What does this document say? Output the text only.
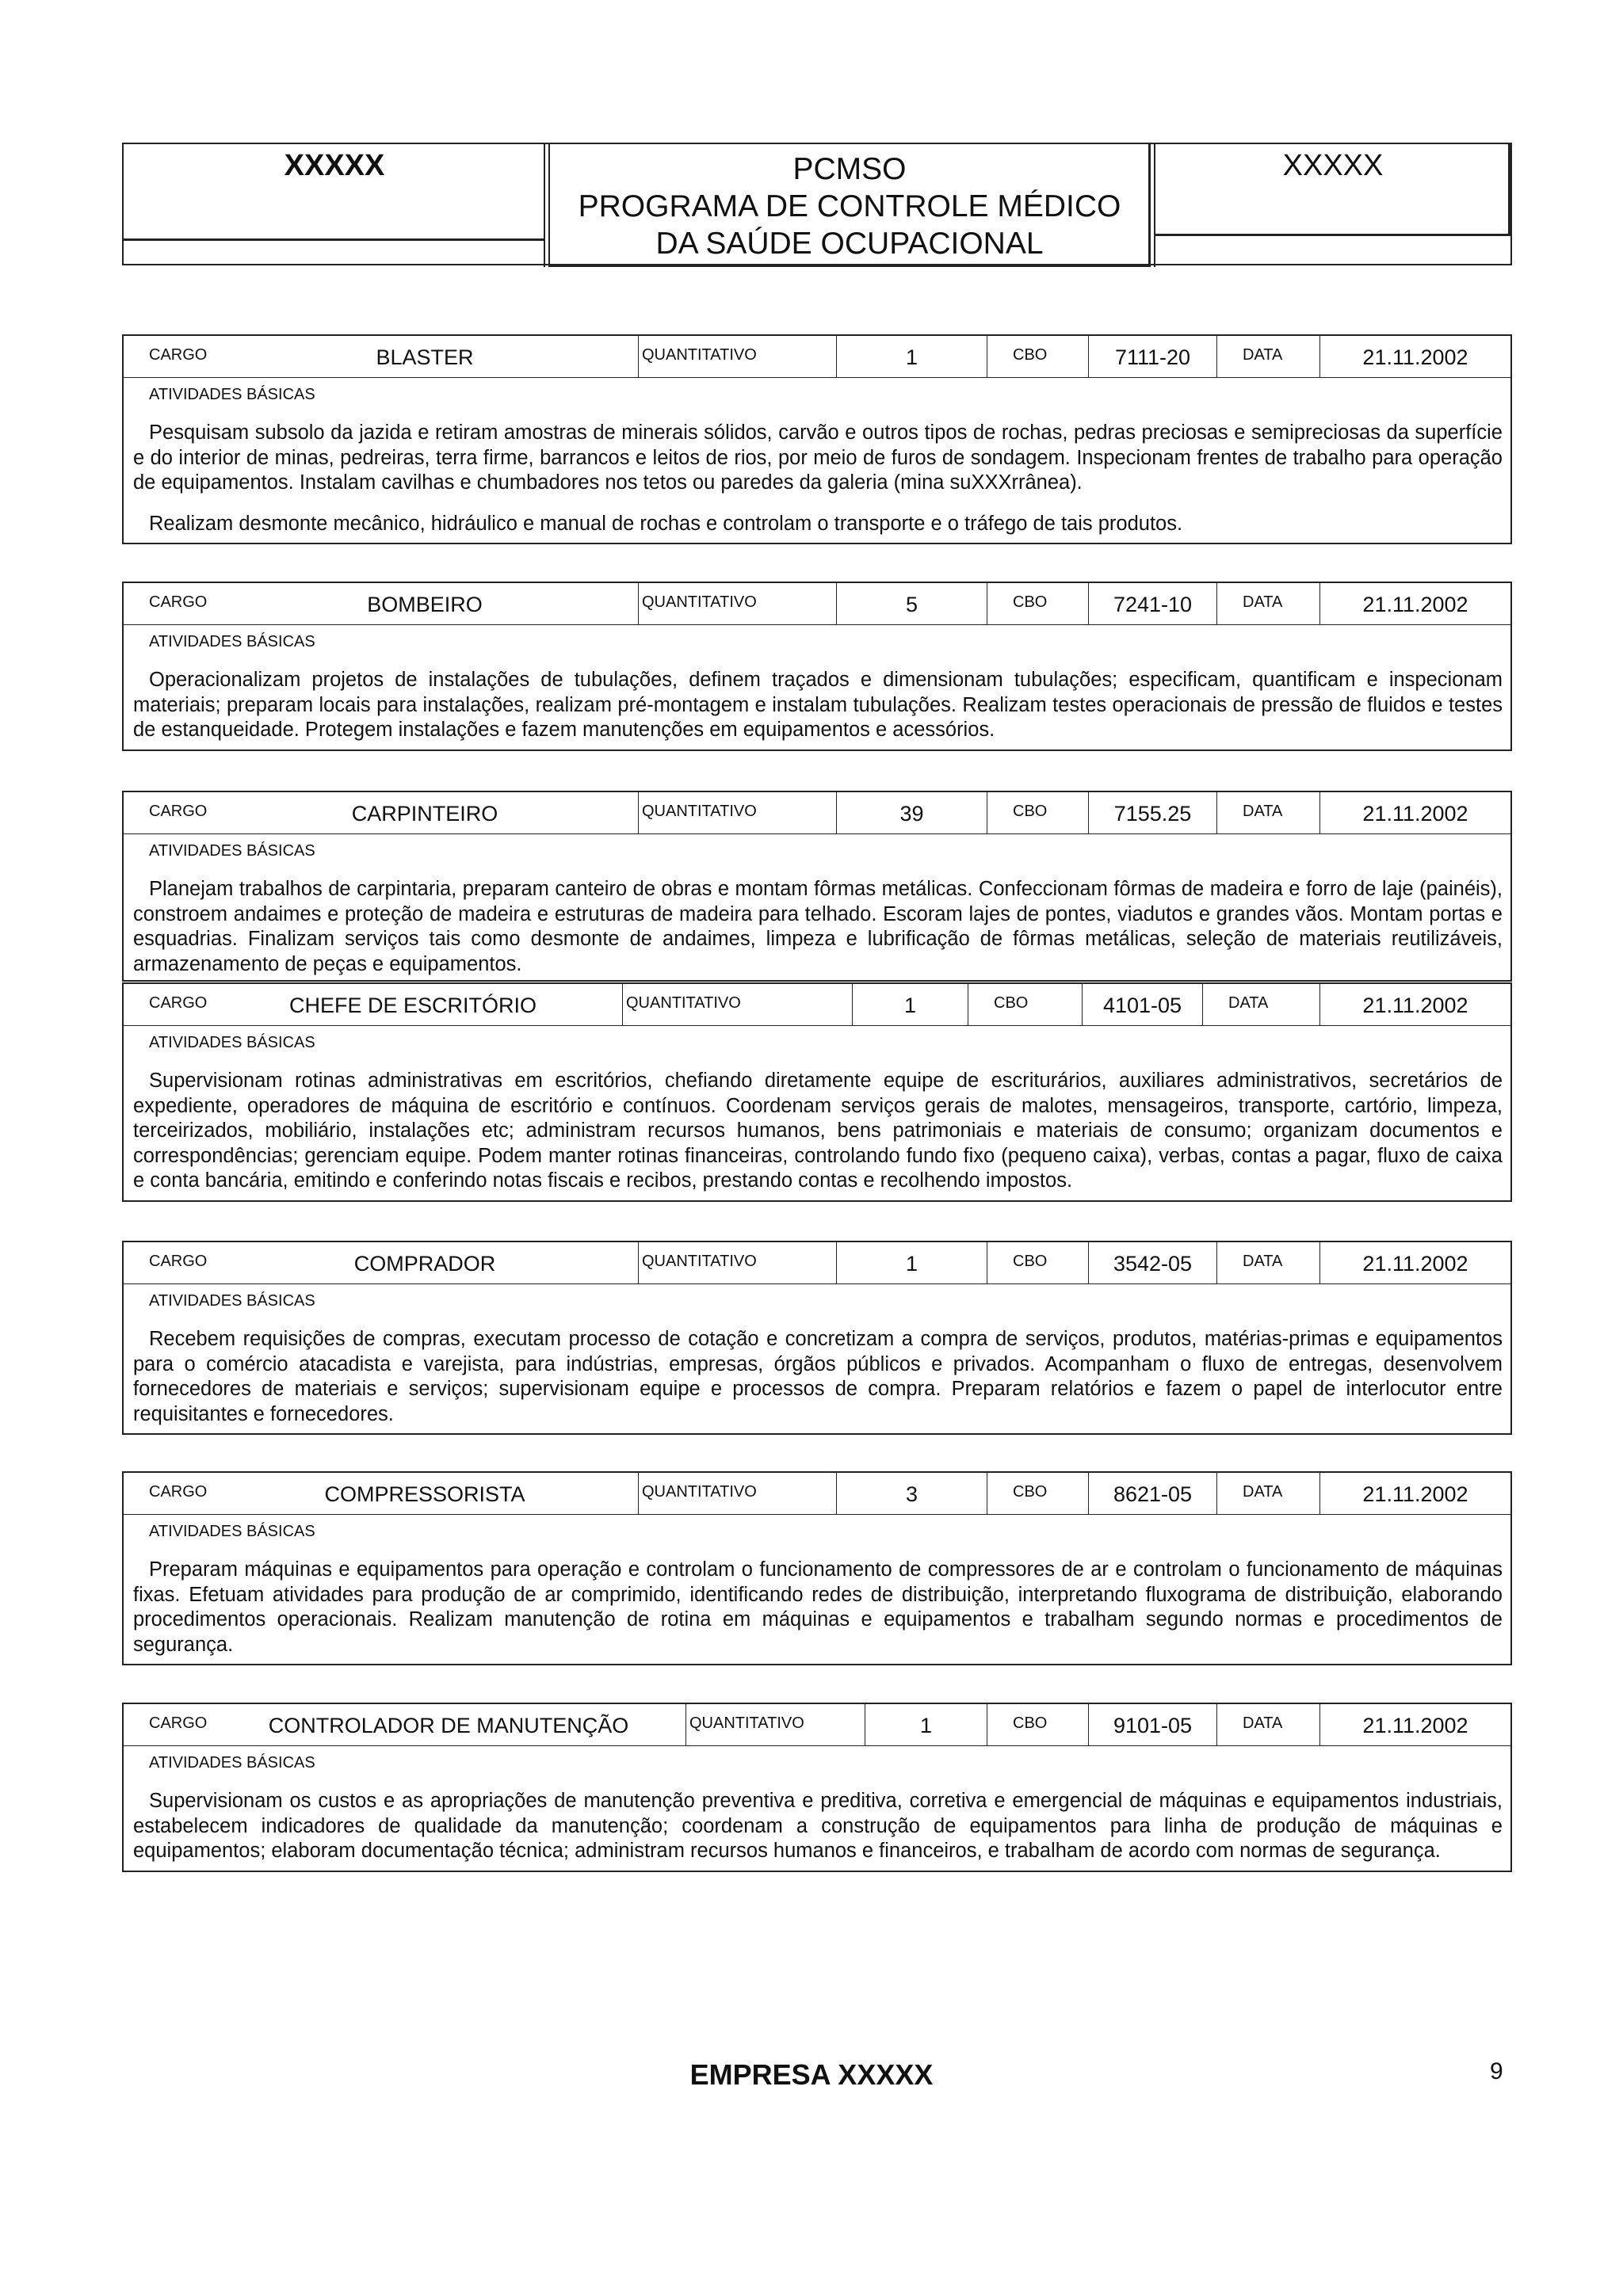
XXXXX	PCMSO
PROGRAMA DE CONTROLE MÉDICO
DA SAÚDE OCUPACIONAL
XXXXX
CARGO	BLASTER	QUANTITATIVO	1	CBO	7111-20	DATA	21.11.2002
ATIVIDADES BÁSICAS

Pesquisam subsolo da jazida e retiram amostras de minerais sólidos, carvão e outros tipos de rochas, pedras preciosas e semipreciosas da superfície e do interior de minas, pedreiras, terra firme, barrancos e leitos de rios, por meio de furos de sondagem. Inspecionam frentes de trabalho para operação de equipamentos. Instalam cavilhas e chumbadores nos tetos ou paredes da galeria (mina suXXXrrânea).

Realizam desmonte mecânico, hidráulico e manual de rochas e controlam o transporte e o tráfego de tais produtos.

CARGO	BOMBEIRO	QUANTITATIVO	5	CBO	7241-10	DATA	21.11.2002
ATIVIDADES BÁSICAS

Operacionalizam projetos de instalações de tubulações, definem traçados e dimensionam tubulações; especificam, quantificam e inspecionam materiais; preparam locais para instalações, realizam pré-montagem e instalam tubulações. Realizam testes operacionais de pressão de fluidos e testes de estanqueidade. Protegem instalações e fazem manutenções em equipamentos e acessórios.

CARGO	CARPINTEIRO	QUANTITATIVO	39	CBO	7155.25	DATA	21.11.2002
ATIVIDADES BÁSICAS

Planejam trabalhos de carpintaria, preparam canteiro de obras e montam fôrmas metálicas. Confeccionam fôrmas de madeira e forro de laje (painéis), constroem andaimes e proteção de madeira e estruturas de madeira para telhado. Escoram lajes de pontes, viadutos e grandes vãos. Montam portas e esquadrias. Finalizam serviços tais como desmonte de andaimes, limpeza e lubrificação de fôrmas metálicas, seleção de materiais reutilizáveis, armazenamento de peças e equipamentos.

CARGO	CHEFE DE ESCRITÓRIO	QUANTITATIVO	1	CBO	4101-05	DATA	21.11.2002
ATIVIDADES BÁSICAS

Supervisionam rotinas administrativas em escritórios, chefiando diretamente equipe de escriturários, auxiliares administrativos, secretários de expediente, operadores de máquina de escritório e contínuos. Coordenam serviços gerais de malotes, mensageiros, transporte, cartório, limpeza, terceirizados, mobiliário, instalações etc; administram recursos humanos, bens patrimoniais e materiais de consumo; organizam documentos e correspondências; gerenciam equipe. Podem manter rotinas financeiras, controlando fundo fixo (pequeno caixa), verbas, contas a pagar, fluxo de caixa e conta bancária, emitindo e conferindo notas fiscais e recibos, prestando contas e recolhendo impostos.

CARGO	COMPRADOR	QUANTITATIVO	1	CBO	3542-05	DATA	21.11.2002
ATIVIDADES BÁSICAS

Recebem requisições de compras, executam processo de cotação e concretizam a compra de serviços, produtos, matérias-primas e equipamentos para o comércio atacadista e varejista, para indústrias, empresas, órgãos públicos e privados. Acompanham o fluxo de entregas, desenvolvem fornecedores de materiais e serviços; supervisionam equipe e processos de compra. Preparam relatórios e fazem o papel de interlocutor entre requisitantes e fornecedores.

CARGO	COMPRESSORISTA	QUANTITATIVO	3	CBO	8621-05	DATA	21.11.2002
ATIVIDADES BÁSICAS

Preparam máquinas e equipamentos para operação e controlam o funcionamento de compressores de ar e controlam o funcionamento de máquinas fixas. Efetuam atividades para produção de ar comprimido, identificando redes de distribuição, interpretando fluxograma de distribuição, elaborando procedimentos operacionais. Realizam manutenção de rotina em máquinas e equipamentos e trabalham segundo normas e procedimentos de segurança.

CARGO	CONTROLADOR DE MANUTENÇÃO	QUANTITATIVO	1	CBO	9101-05	DATA	21.11.2002
ATIVIDADES BÁSICAS

Supervisionam os custos e as apropriações de manutenção preventiva e preditiva, corretiva e emergencial de máquinas e equipamentos industriais, estabelecem indicadores de qualidade da manutenção; coordenam a construção de equipamentos para linha de produção de máquinas e equipamentos; elaboram documentação técnica; administram recursos humanos e financeiros, e trabalham de acordo com normas de segurança.

EMPRESA XXXXX	9
